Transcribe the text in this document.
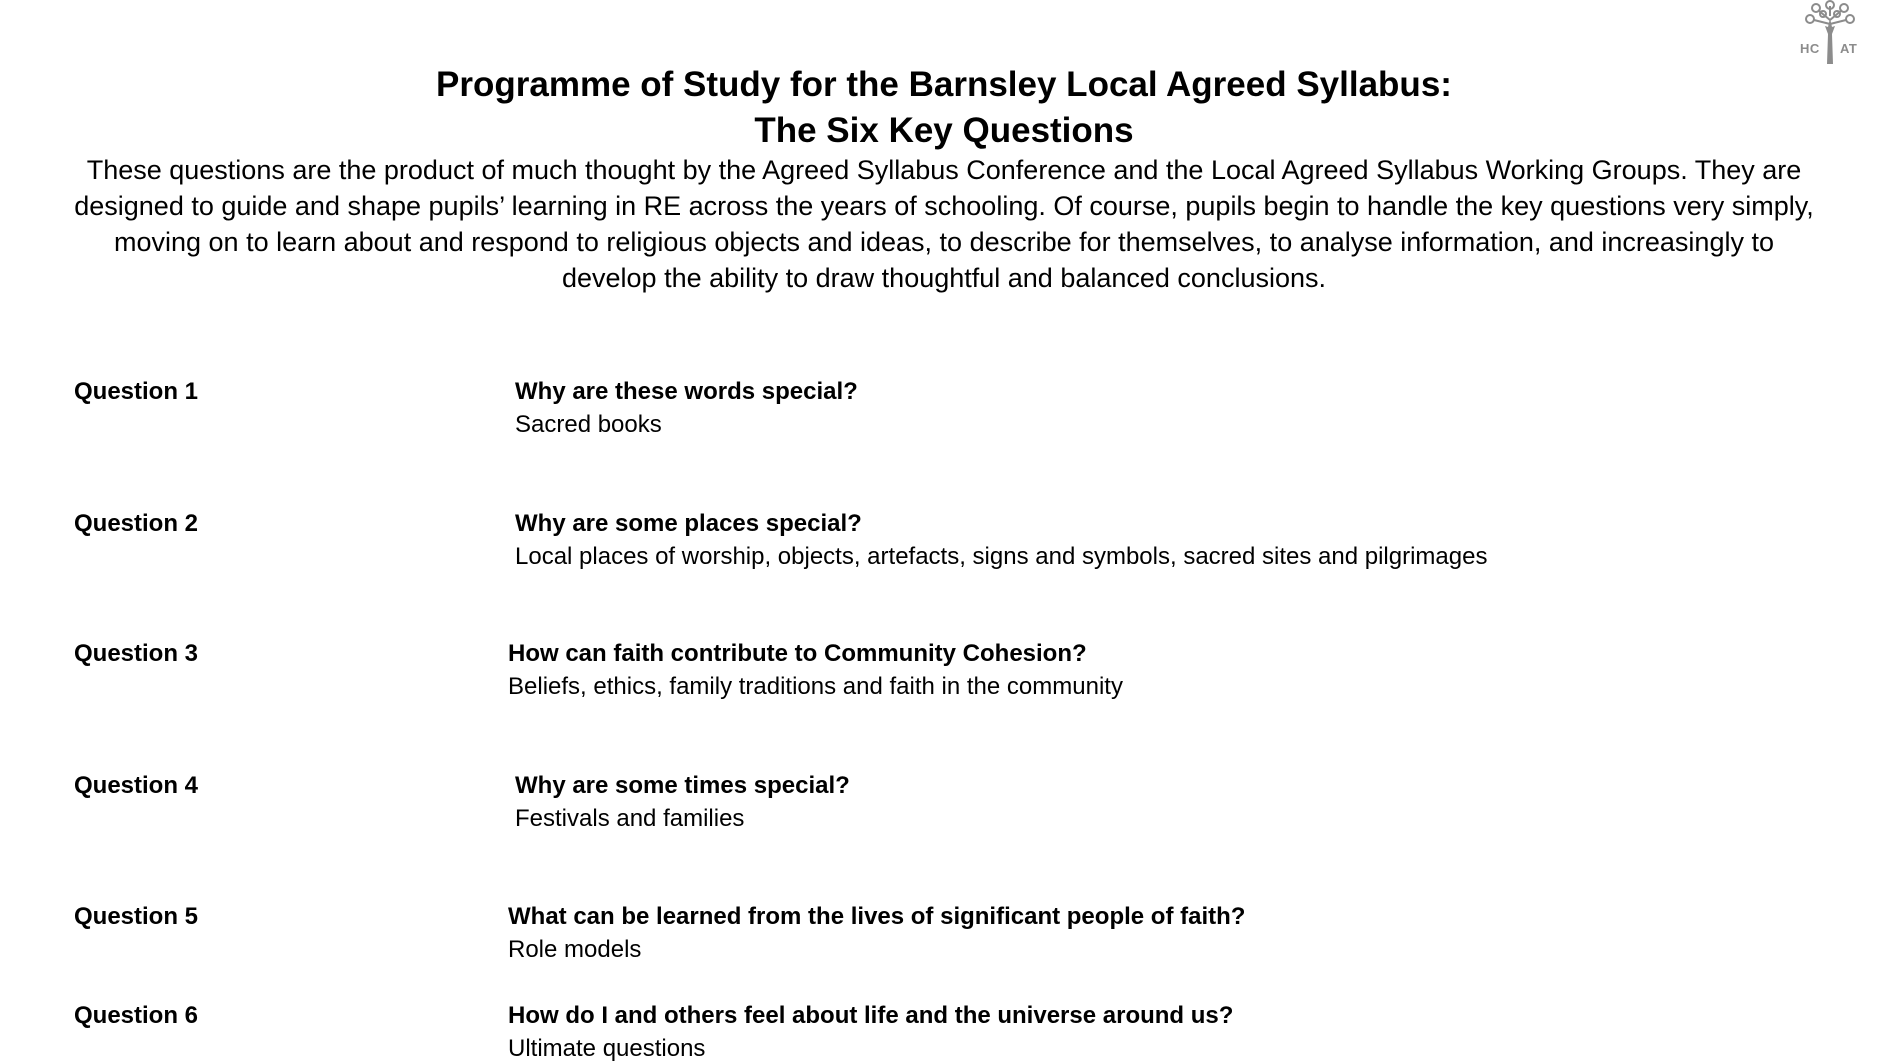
HC AT
Programme of Study for the Barnsley Local Agreed Syllabus:
The Six Key Questions
These questions are the product of much thought by the Agreed Syllabus Conference and the Local Agreed Syllabus Working Groups. They are designed to guide and shape pupils’ learning in RE across the years of schooling. Of course, pupils begin to handle the key questions very simply, moving on to learn about and respond to religious objects and ideas, to describe for themselves, to analyse information, and increasingly to develop the ability to draw thoughtful and balanced conclusions.
Question 1	Why are these words special?
Sacred books
Question 2	Why are some places special?
Local places of worship, objects, artefacts, signs and symbols, sacred sites and pilgrimages
Question 3	How can faith contribute to Community Cohesion?
Beliefs, ethics, family traditions and faith in the community
Question 4	Why are some times special?
Festivals and families
Question 5	What can be learned from the lives of significant people of faith?
Role models
Question 6	How do I and others feel about life and the universe around us?
Ultimate questions
